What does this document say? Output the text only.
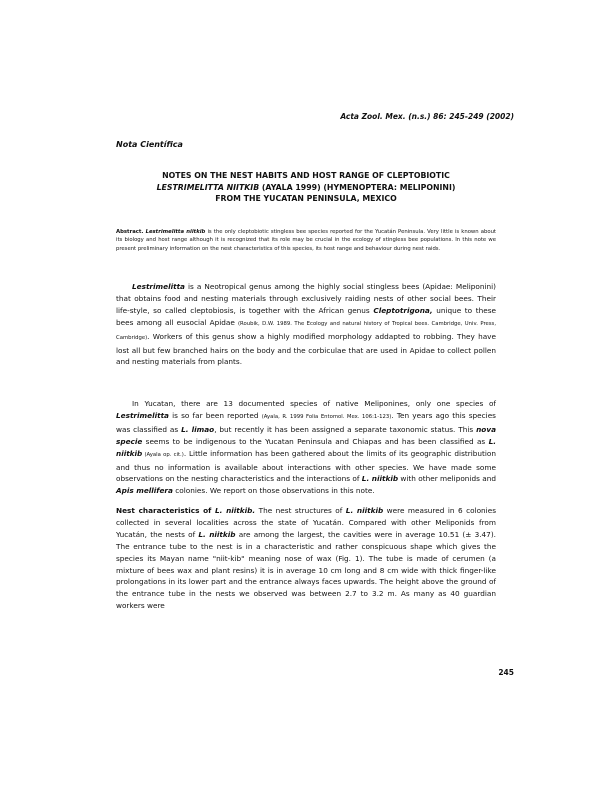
Acta Zool. Mex. (n.s.) 86: 245-249 (2002)
Nota Científica
NOTES ON THE NEST HABITS AND HOST RANGE OF CLEPTOBIOTIC
LESTRIMELITTA NIITKIB (AYALA 1999) (HYMENOPTERA: MELIPONINI)
FROM THE YUCATAN PENINSULA, MEXICO
Abstract. Lestrimelitta niitkib is the only cleptobiotic stingless bee species reported for the Yucatán Peninsula. Very little is known about its biology and host range although it is recognized that its role may be crucial in the ecology of stingless bee populations. In this note we present preliminary information on the nest characteristics of this species, its host range and behaviour during nest raids.
Lestrimelitta is a Neotropical genus among the highly social stingless bees (Apidae: Meliponini) that obtains food and nesting materials through exclusively raiding nests of other social bees. Their life-style, so called cleptobiosis, is together with the African genus Cleptotrigona, unique to these bees among all eusocial Apidae (Roubik, D.W. 1989. The Ecology and natural history of Tropical bees. Cambridge, Univ. Press, Cambridge). Workers of this genus show a highly modified morphology addapted to robbing. They have lost all but few branched hairs on the body and the corbiculae that are used in Apidae to collect pollen and nesting materials from plants.
In Yucatan, there are 13 documented species of native Meliponines, only one species of Lestrimelitta is so far been reported (Ayala, R. 1999 Folia Entomol. Mex. 106:1-123). Ten years ago this species was classified as L. limao, but recently it has been assigned a separate taxonomic status. This nova specie seems to be indigenous to the Yucatan Peninsula and Chiapas and has been classified as L. niitkib (Ayala op. cit.). Little information has been gathered about the limits of its geographic distribution and thus no information is available about interactions with other species. We have made some observations on the nesting characteristics and the interactions of L. niitkib with other meliponids and Apis mellifera colonies. We report on those observations in this note.
Nest characteristics of L. niitkib. The nest structures of L. niitkib were measured in 6 colonies collected in several localities across the state of Yucatán. Compared with other Meliponids from Yucatán, the nests of L. niitkib are among the largest, the cavities were in average 10.51 (± 3.47). The entrance tube to the nest is in a characteristic and rather conspicuous shape which gives the species its Mayan name "niit-kib" meaning nose of wax (Fig. 1). The tube is made of cerumen (a mixture of bees wax and plant resins) it is in average 10 cm long and 8 cm wide with thick finger-like prolongations in its lower part and the entrance always faces upwards. The height above the ground of the entrance tube in the nests we observed was between 2.7 to 3.2 m. As many as 40 guardian workers were
245
